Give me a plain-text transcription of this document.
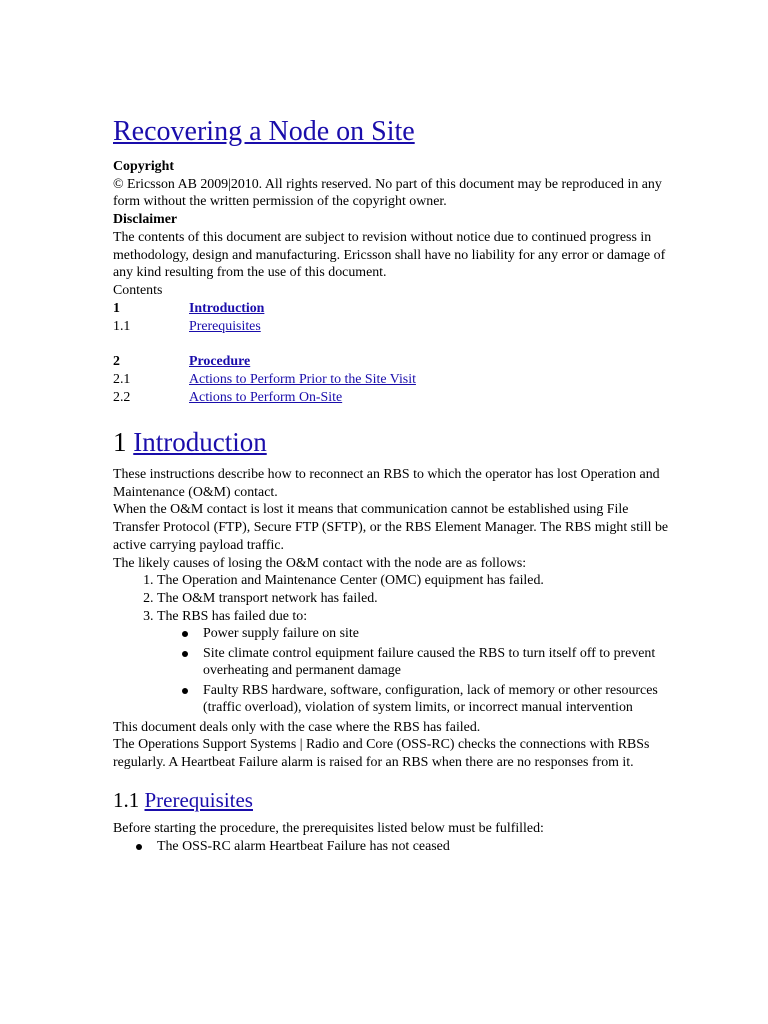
Recovering a Node on Site
Copyright

© Ericsson AB 2009|2010. All rights reserved. No part of this document may be reproduced in any form without the written permission of the copyright owner.

Disclaimer

The contents of this document are subject to revision without notice due to continued progress in methodology, design and manufacturing. Ericsson shall have no liability for any error or damage of any kind resulting from the use of this document.

Contents
1	Introduction
1.1	Prerequisites
2	Procedure
2.1	Actions to Perform Prior to the Site Visit
2.2	Actions to Perform On-Site
1 Introduction

These instructions describe how to reconnect an RBS to which the operator has lost Operation and Maintenance (O&M) contact.

When the O&M contact is lost it means that communication cannot be established using File Transfer Protocol (FTP), Secure FTP (SFTP), or the RBS Element Manager. The RBS might still be active carrying payload traffic.

The likely causes of losing the O&M contact with the node are as follows:

1. The Operation and Maintenance Center (OMC) equipment has failed.
2. The O&M transport network has failed.
3. The RBS has failed due to:
Power supply failure on site
Site climate control equipment failure caused the RBS to turn itself off to prevent overheating and permanent damage
Faulty RBS hardware, software, configuration, lack of memory or other resources (traffic overload), violation of system limits, or incorrect manual intervention

This document deals only with the case where the RBS has failed.

The Operations Support Systems | Radio and Core (OSS-RC) checks the connections with RBSs regularly. A Heartbeat Failure alarm is raised for an RBS when there are no responses from it.

1.1 Prerequisites

Before starting the procedure, the prerequisites listed below must be fulfilled:

The OSS-RC alarm Heartbeat Failure has not ceased
